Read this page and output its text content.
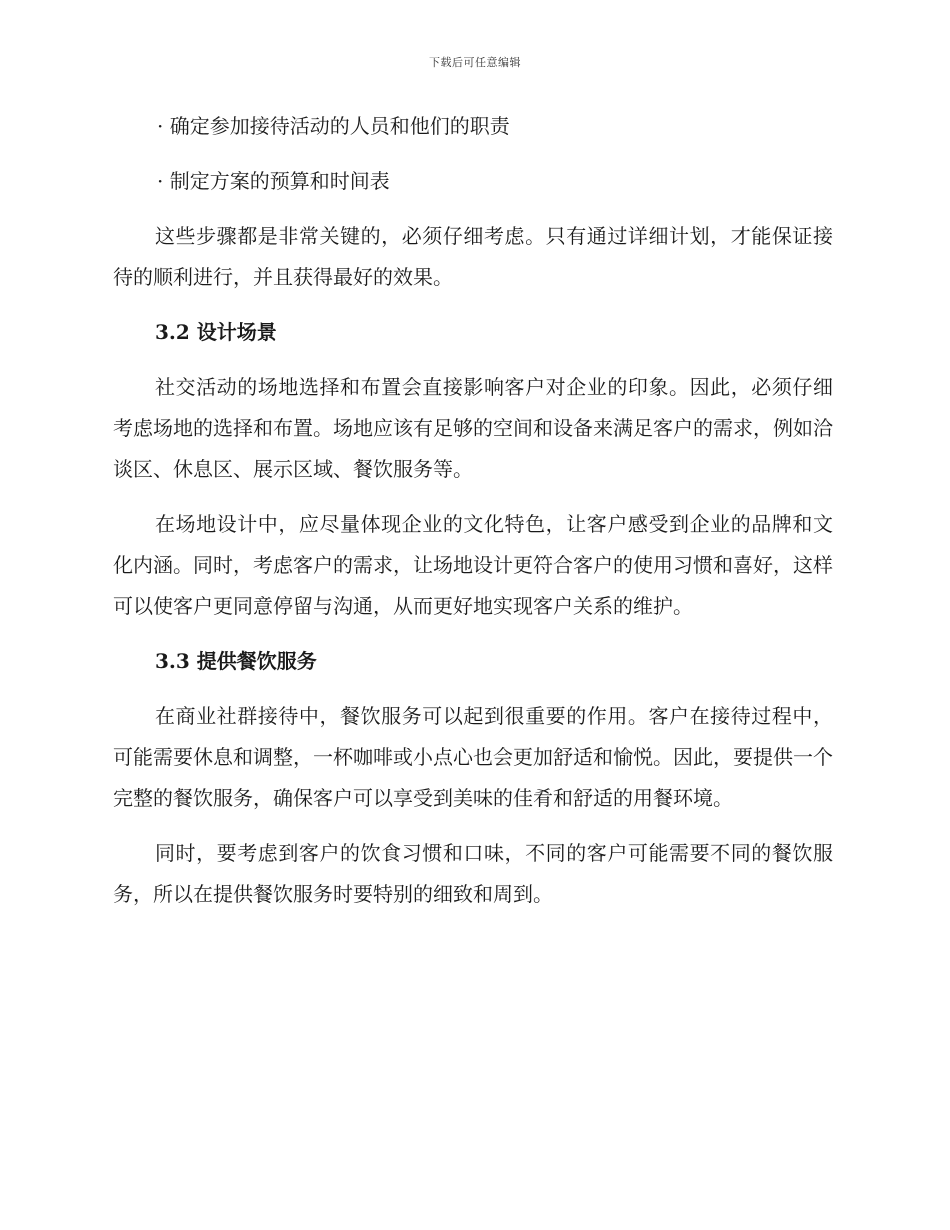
下载后可任意编辑
· 确定参加接待活动的人员和他们的职责
· 制定方案的预算和时间表

这些步骤都是非常关键的，必须仔细考虑。只有通过详细计划，才能保证接待的顺利进行，并且获得最好的效果。

3.2 设计场景

社交活动的场地选择和布置会直接影响客户对企业的印象。因此，必须仔细考虑场地的选择和布置。场地应该有足够的空间和设备来满足客户的需求，例如洽谈区、休息区、展示区域、餐饮服务等。

在场地设计中，应尽量体现企业的文化特色，让客户感受到企业的品牌和文化内涵。同时，考虑客户的需求，让场地设计更符合客户的使用习惯和喜好，这样可以使客户更同意停留与沟通，从而更好地实现客户关系的维护。

3.3 提供餐饮服务

在商业社群接待中，餐饮服务可以起到很重要的作用。客户在接待过程中，可能需要休息和调整，一杯咖啡或小点心也会更加舒适和愉悦。因此，要提供一个完整的餐饮服务，确保客户可以享受到美味的佳肴和舒适的用餐环境。

同时，要考虑到客户的饮食习惯和口味，不同的客户可能需要不同的餐饮服务，所以在提供餐饮服务时要特别的细致和周到。
